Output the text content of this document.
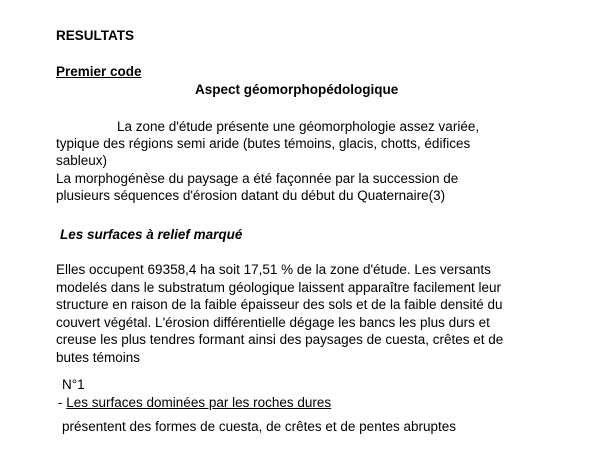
RESULTATS
Premier code
Aspect géomorphopédologique
La zone d'étude présente une géomorphologie assez variée,
typique des régions semi aride (butes témoins, glacis, chotts, édifices
sableux)
La morphogénèse du paysage a été façonnée par la succession de
plusieurs séquences d'érosion datant du début du Quaternaire(3)
Les surfaces à relief marqué
Elles occupent 69358,4 ha soit 17,51 % de la zone d'étude. Les versants
modelés dans le substratum géologique laissent apparaître facilement leur
structure en raison de la faible épaisseur des sols et de la faible densité du
couvert végétal. L'érosion différentielle dégage les bancs les plus durs et
creuse les plus tendres formant ainsi des paysages de cuesta, crêtes et de
butes témoins
N°1
- Les surfaces dominées par les roches dures
présentent des formes de cuesta, de crêtes et de pentes abruptes
